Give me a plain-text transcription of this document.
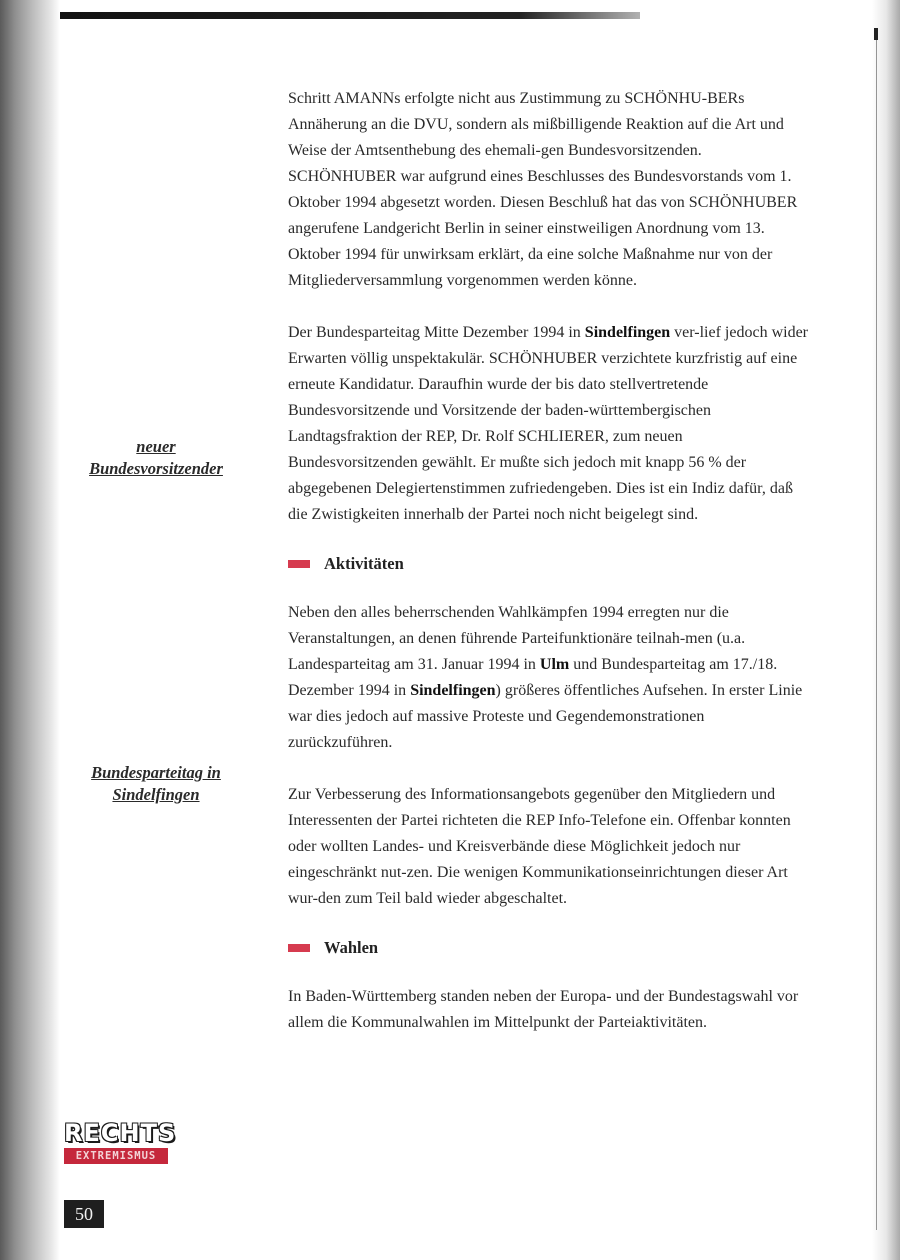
neuer
Bundesvorsitzender
Bundesparteitag in
Sindelfingen

Schritt AMANNs erfolgte nicht aus Zustimmung zu SCHÖNHU-BERs Annäherung an die DVU, sondern als mißbilligende Reaktion auf die Art und Weise der Amtsenthebung des ehemali-gen Bundesvorsitzenden. SCHÖNHUBER war aufgrund eines Beschlusses des Bundesvorstands vom 1. Oktober 1994 abgesetzt worden. Diesen Beschluß hat das von SCHÖNHUBER angerufene Landgericht Berlin in seiner einstweiligen Anordnung vom 13. Oktober 1994 für unwirksam erklärt, da eine solche Maßnahme nur von der Mitgliederversammlung vorgenommen werden könne.

Der Bundesparteitag Mitte Dezember 1994 in Sindelfingen ver-lief jedoch wider Erwarten völlig unspektakulär. SCHÖNHUBER verzichtete kurzfristig auf eine erneute Kandidatur. Daraufhin wurde der bis dato stellvertretende Bundesvorsitzende und Vorsitzende der baden-württembergischen Landtagsfraktion der REP, Dr. Rolf SCHLIERER, zum neuen Bundesvorsitzenden gewählt. Er mußte sich jedoch mit knapp 56 % der abgegebenen Delegiertenstimmen zufriedengeben. Dies ist ein Indiz dafür, daß die Zwistigkeiten innerhalb der Partei noch nicht beigelegt sind.

Aktivitäten

Neben den alles beherrschenden Wahlkämpfen 1994 erregten nur die Veranstaltungen, an denen führende Parteifunktionäre teilnah-men (u.a. Landesparteitag am 31. Januar 1994 in Ulm und Bundesparteitag am 17./18. Dezember 1994 in Sindelfingen) größeres öffentliches Aufsehen. In erster Linie war dies jedoch auf massive Proteste und Gegendemonstrationen zurückzuführen.

Zur Verbesserung des Informationsangebots gegenüber den Mitgliedern und Interessenten der Partei richteten die REP Info-Telefone ein. Offenbar konnten oder wollten Landes- und Kreisverbände diese Möglichkeit jedoch nur eingeschränkt nut-zen. Die wenigen Kommunikationseinrichtungen dieser Art wur-den zum Teil bald wieder abgeschaltet.

Wahlen

In Baden-Württemberg standen neben der Europa- und der Bundestagswahl vor allem die Kommunalwahlen im Mittelpunkt der Parteiaktivitäten.

RECHTS
EXTREMISMUS
50
